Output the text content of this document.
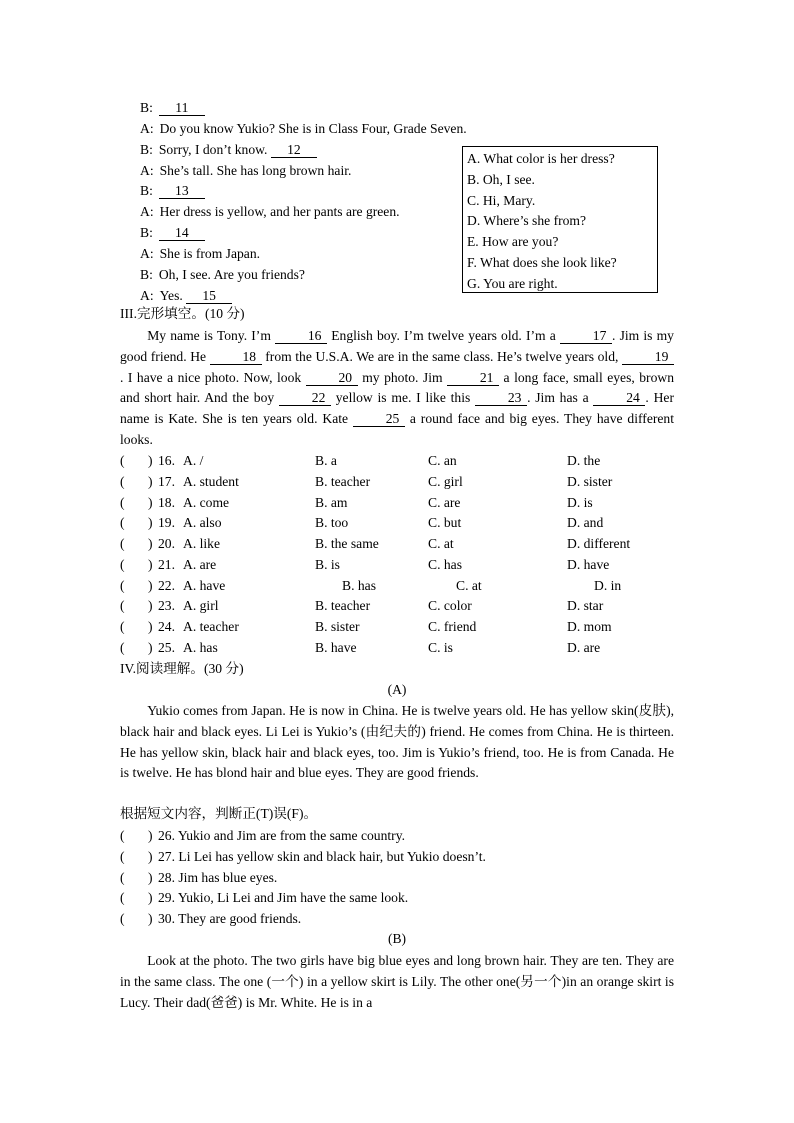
B: 11
A: Do you know Yukio? She is in Class Four, Grade Seven.
B: Sorry, I don’t know. 12
A: She’s tall. She has long brown hair.
B: 13
A: Her dress is yellow, and her pants are green.
B: 14
A: She is from Japan.
B: Oh, I see. Are you friends?
A: Yes. 15
A. What color is her dress?
B. Oh, I see.
C. Hi, Mary.
D. Where’s she from?
E. How are you?
F. What does she look like?
G. You are right.
III.完形填空。(10 分)

My name is Tony. I’m 16 English boy. I’m twelve years old. I’m a 17 . Jim is my good friend. He 18 from the U.S.A. We are in the same class. He’s twelve years old, 19. I have a nice photo. Now, look 20 my photo. Jim 21 a long face, small eyes, brown and short hair. And the boy 22 yellow is me. I like this 23 . Jim has a 24 . Her name is Kate. She is ten years old. Kate 25 a round face and big eyes. They have different looks.

( ) 16. A. /	B. a	C. an	D. the
( ) 17. A. student	B. teacher	C. girl	D. sister
( ) 18. A. come	B. am	C. are	D. is
( ) 19. A. also	B. too	C. but	D. and
( ) 20. A. like	B. the same	C. at	D. different
( ) 21. A. are	B. is	C. has	D. have
( ) 22. A. have	B. has	C. at	D. in
( ) 23. A. girl	B. teacher	C. color	D. star
( ) 24. A. teacher	B. sister	C. friend	D. mom
( ) 25. A. has	B. have	C. is	D. are
IV.阅读理解。(30 分)
(A)

Yukio comes from Japan. He is now in China. He is twelve years old. He has yellow skin(皮肤), black hair and black eyes. Li Lei is Yukio’s (由纪夫的) friend. He comes from China. He is thirteen. He has yellow skin, black hair and black eyes, too. Jim is Yukio’s friend, too. He is from Canada. He is twelve. He has blond hair and blue eyes. They are good friends.

根据短文内容，判断正(T)误(F)。
( ) 26. Yukio and Jim are from the same country.
( ) 27. Li Lei has yellow skin and black hair, but Yukio doesn’t.
( ) 28. Jim has blue eyes.
( ) 29. Yukio, Li Lei and Jim have the same look.
( ) 30. They are good friends.
(B)

Look at the photo. The two girls have big blue eyes and long brown hair. They are ten. They are in the same class. The one (一个) in a yellow skirt is Lily. The other one(另一个)in an orange skirt is Lucy. Their dad(爸爸) is Mr. White. He is in a
